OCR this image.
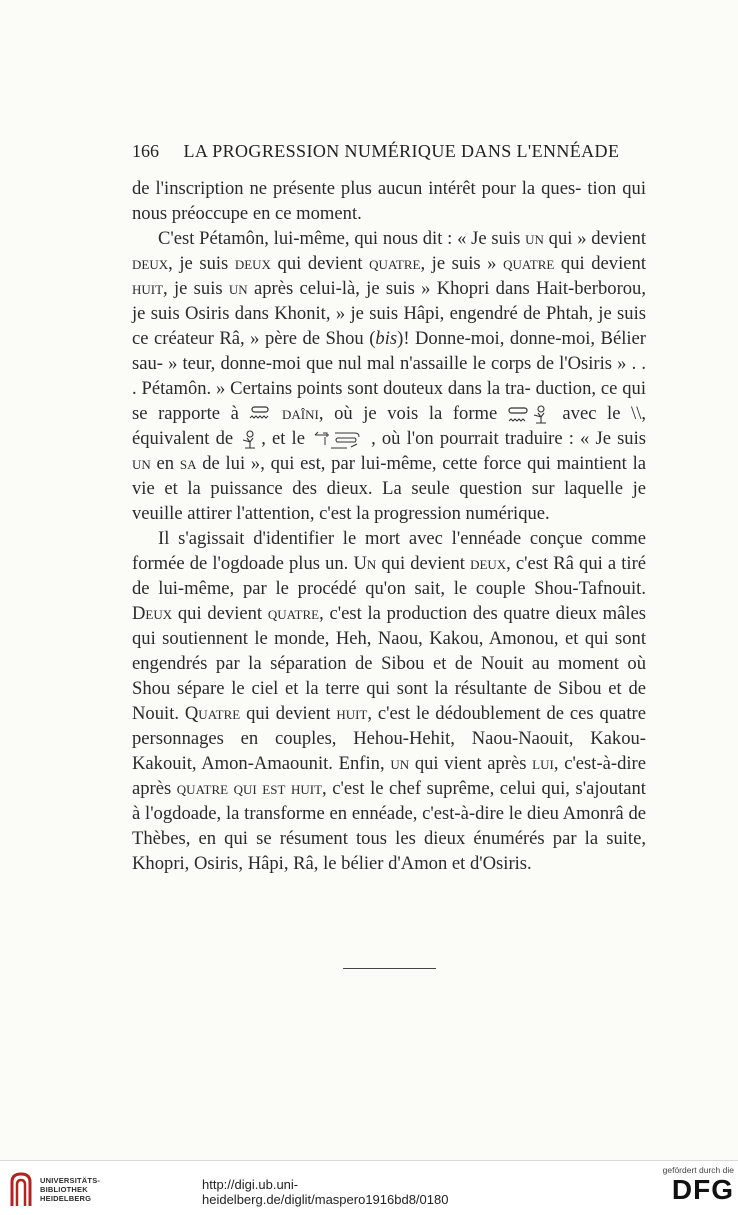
166 LA PROGRESSION NUMÉRIQUE DANS L'ENNÉADE

de l'inscription ne présente plus aucun intérêt pour la ques- tion qui nous préoccupe en ce moment.

C'est Pétamôn, lui-même, qui nous dit : « Je suis un qui » devient deux, je suis deux qui devient quatre, je suis » quatre qui devient huit, je suis un après celui-là, je suis » Khopri dans Hait-berborou, je suis Osiris dans Khonit, » je suis Hâpi, engendré de Phtah, je suis ce créateur Râ, » père de Shou (bis)! Donne-moi, donne-moi, Bélier sau- » teur, donne-moi que nul mal n'assaille le corps de l'Osiris » . . . Pétamôn. » Certains points sont douteux dans la tra- duction, ce qui se rapporte à
daîni, où je vois la forme
avec le \\, équivalent de
, et le	, où l'on pourrait traduire : « Je suis un en sa de lui », qui est, par lui-même, cette force qui maintient la vie et la puissance des dieux. La seule question sur laquelle je veuille attirer l'attention, c'est la progression numérique.

Il s'agissait d'identifier le mort avec l'ennéade conçue comme formée de l'ogdoade plus un. Un qui devient deux, c'est Râ qui a tiré de lui-même, par le procédé qu'on sait, le couple Shou-Tafnouit. Deux qui devient quatre, c'est la production des quatre dieux mâles qui soutiennent le monde, Heh, Naou, Kakou, Amonou, et qui sont engendrés par la séparation de Sibou et de Nouit au moment où Shou sépare le ciel et la terre qui sont la résultante de Sibou et de Nouit. Quatre qui devient huit, c'est le dédoublement de ces quatre personnages en couples, Hehou-Hehit, Naou-Naouit, Kakou-Kakouit, Amon-Amaounit. Enfin, un qui vient après lui, c'est-à-dire après quatre qui est huit, c'est le chef suprême, celui qui, s'ajoutant à l'ogdoade, la transforme en ennéade, c'est-à-dire le dieu Amonrâ de Thèbes, en qui se résument tous les dieux énumérés par la suite, Khopri, Osiris, Hâpi, Râ, le bélier d'Amon et d'Osiris.

UNIVERSITÄTS-
BIBLIOTHEK
HEIDELBERG
http://digi.ub.uni-heidelberg.de/diglit/maspero1916bd8/0180
gefördert durch die
DFG
